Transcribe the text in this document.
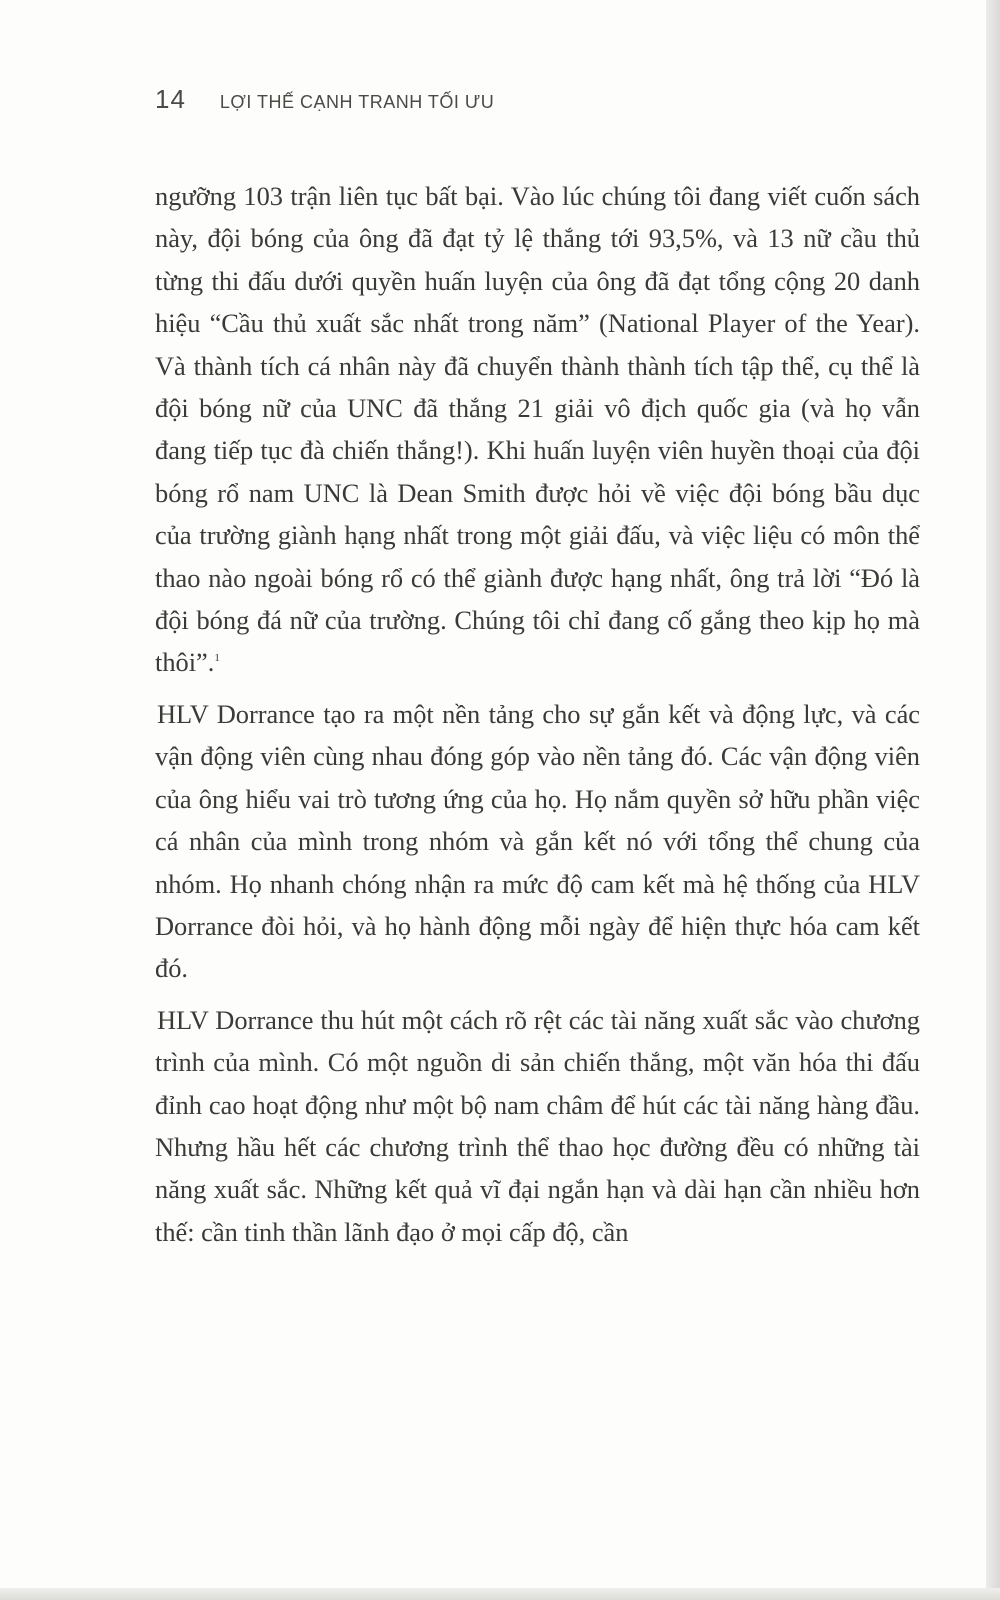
14 LỢI THẾ CẠNH TRANH TỐI ƯU

ngưỡng 103 trận liên tục bất bại. Vào lúc chúng tôi đang viết cuốn sách này, đội bóng của ông đã đạt tỷ lệ thắng tới 93,5%, và 13 nữ cầu thủ từng thi đấu dưới quyền huấn luyện của ông đã đạt tổng cộng 20 danh hiệu “Cầu thủ xuất sắc nhất trong năm” (National Player of the Year). Và thành tích cá nhân này đã chuyển thành thành tích tập thể, cụ thể là đội bóng nữ của UNC đã thắng 21 giải vô địch quốc gia (và họ vẫn đang tiếp tục đà chiến thắng!). Khi huấn luyện viên huyền thoại của đội bóng rổ nam UNC là Dean Smith được hỏi về việc đội bóng bầu dục của trường giành hạng nhất trong một giải đấu, và việc liệu có môn thể thao nào ngoài bóng rổ có thể giành được hạng nhất, ông trả lời “Đó là đội bóng đá nữ của trường. Chúng tôi chỉ đang cố gắng theo kịp họ mà thôi”.$^1$

HLV Dorrance tạo ra một nền tảng cho sự gắn kết và động lực, và các vận động viên cùng nhau đóng góp vào nền tảng đó. Các vận động viên của ông hiểu vai trò tương ứng của họ. Họ nắm quyền sở hữu phần việc cá nhân của mình trong nhóm và gắn kết nó với tổng thể chung của nhóm. Họ nhanh chóng nhận ra mức độ cam kết mà hệ thống của HLV Dorrance đòi hỏi, và họ hành động mỗi ngày để hiện thực hóa cam kết đó.

HLV Dorrance thu hút một cách rõ rệt các tài năng xuất sắc vào chương trình của mình. Có một nguồn di sản chiến thắng, một văn hóa thi đấu đỉnh cao hoạt động như một bộ nam châm để hút các tài năng hàng đầu. Nhưng hầu hết các chương trình thể thao học đường đều có những tài năng xuất sắc. Những kết quả vĩ đại ngắn hạn và dài hạn cần nhiều hơn thế: cần tinh thần lãnh đạo ở mọi cấp độ, cần
